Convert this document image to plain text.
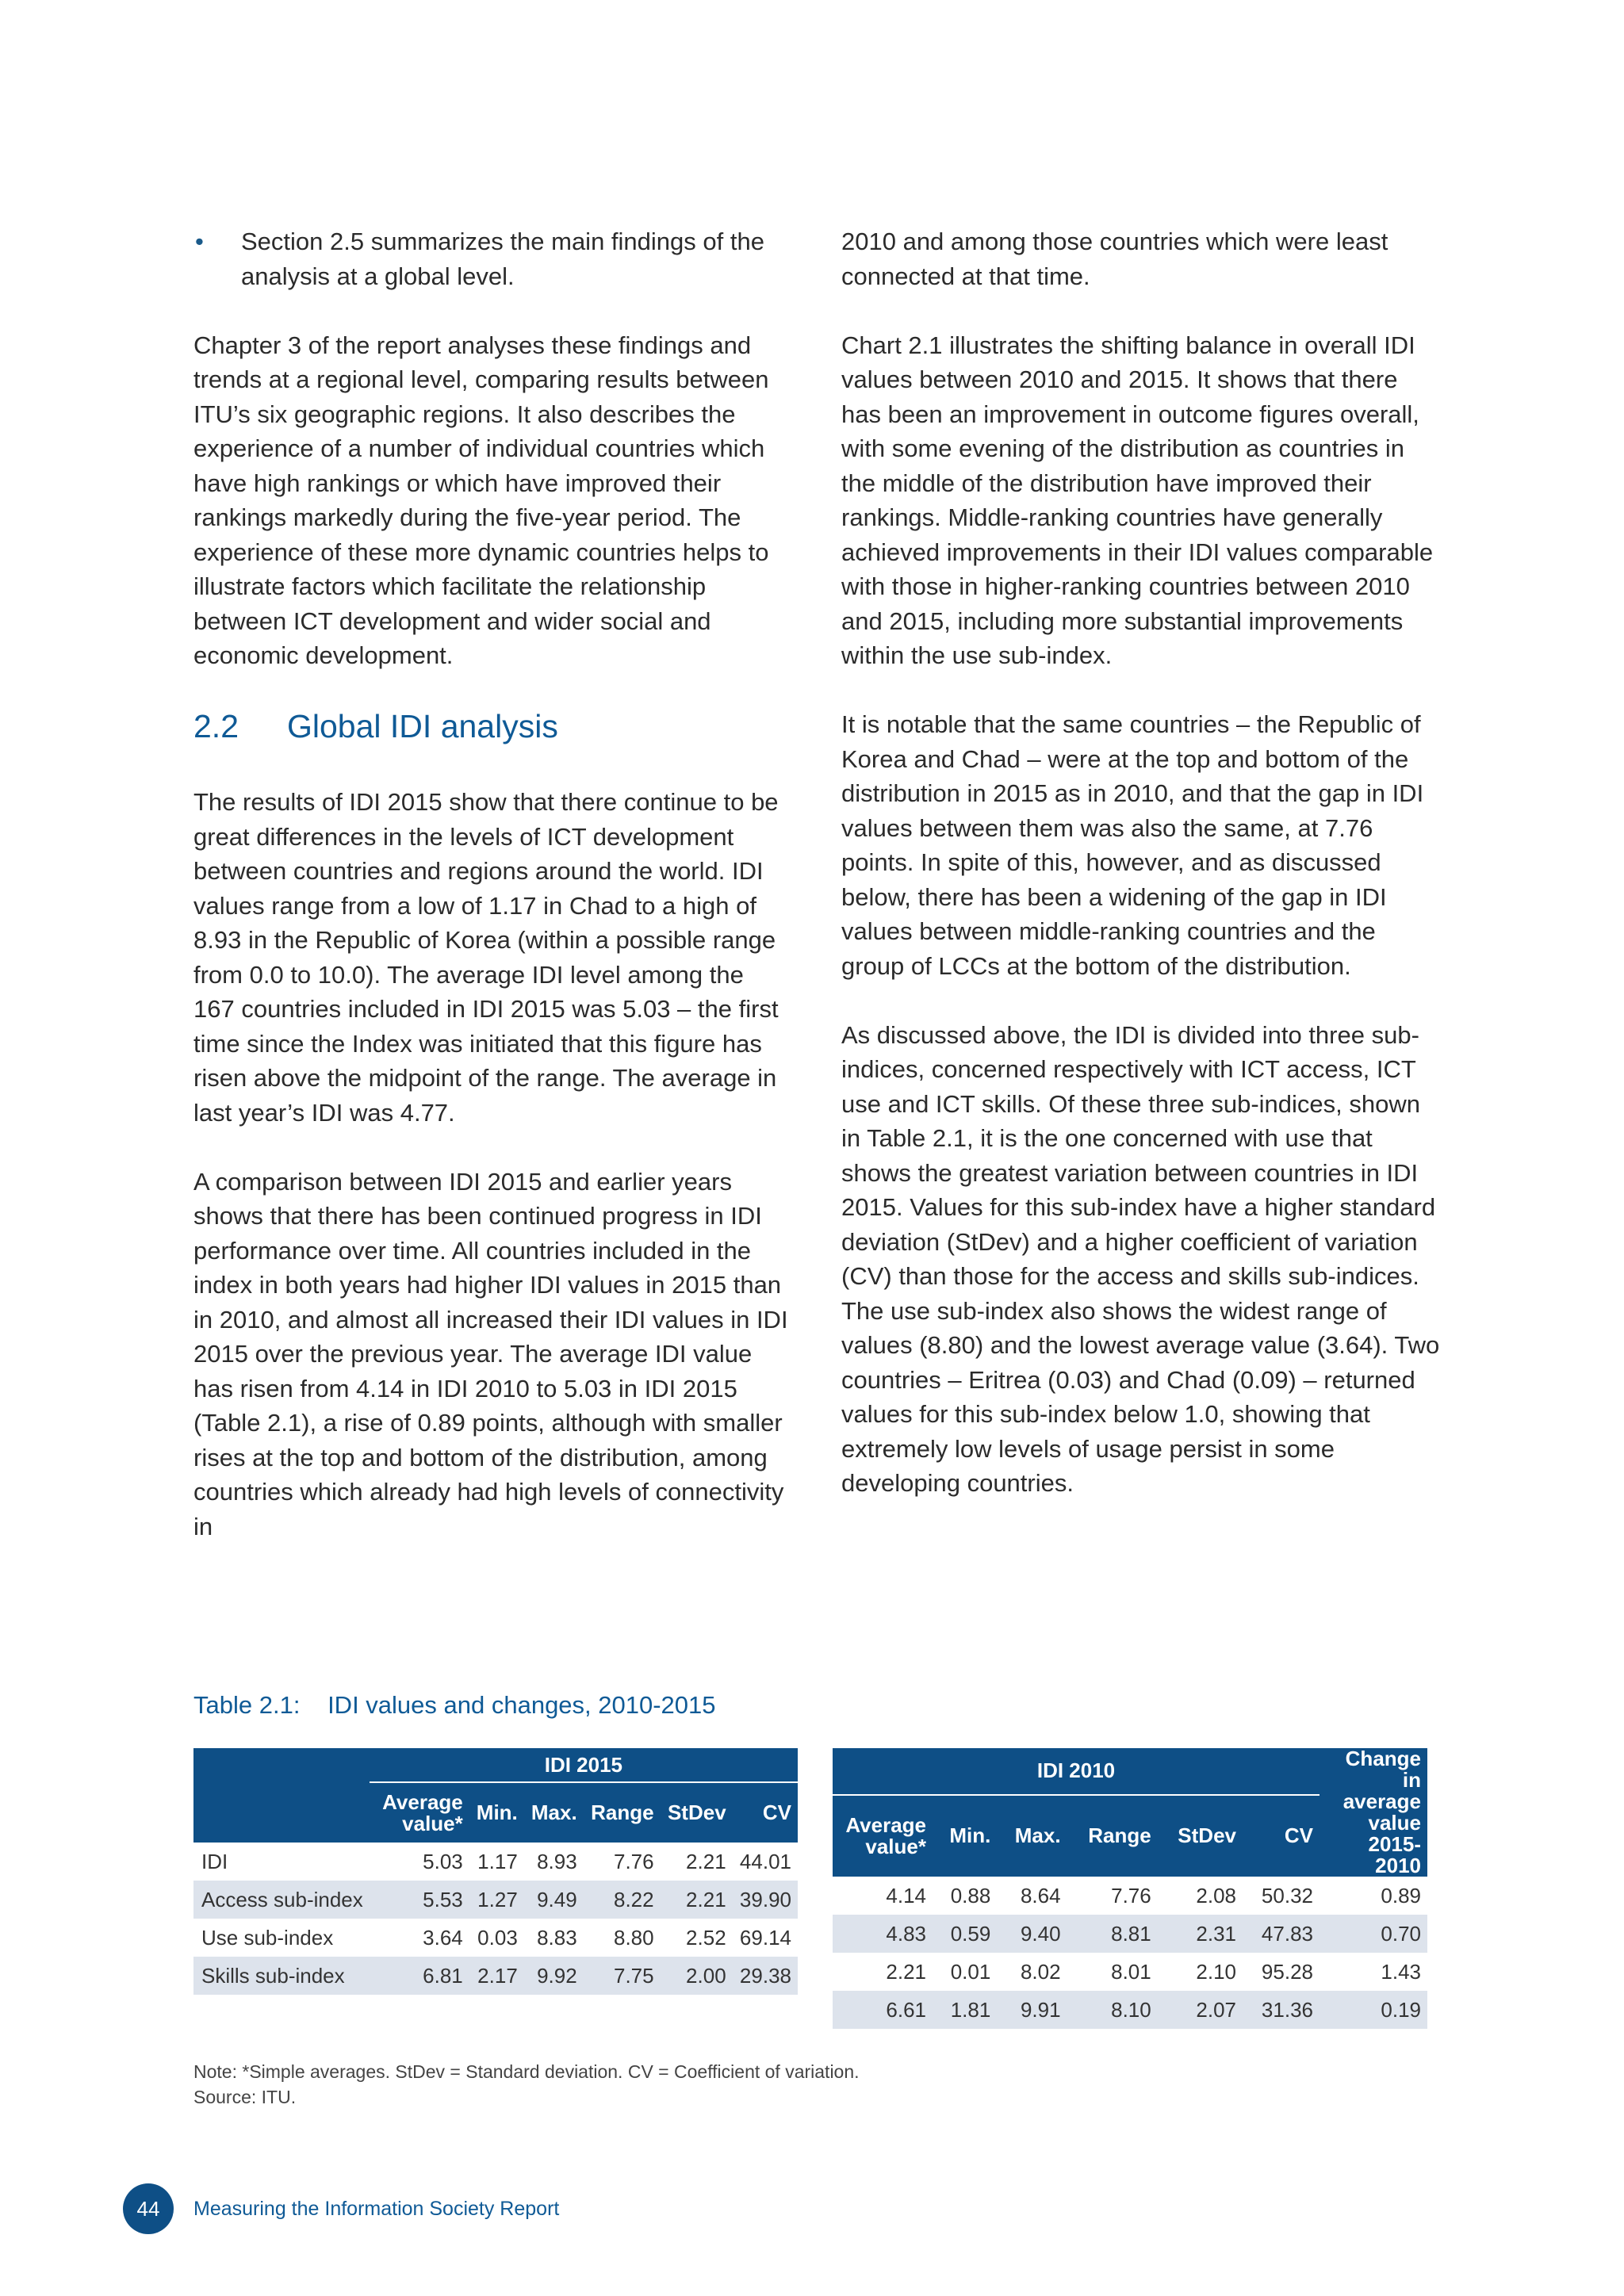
•	Section 2.5 summarizes the main findings of the analysis at a global level.

Chapter 3 of the report analyses these findings and trends at a regional level, comparing results between ITU’s six geographic regions. It also describes the experience of a number of individual countries which have high rankings or which have improved their rankings markedly during the five-year period. The experience of these more dynamic countries helps to illustrate factors which facilitate the relationship between ICT development and wider social and economic development.

2.2	Global IDI analysis

The results of IDI 2015 show that there continue to be great differences in the levels of ICT development between countries and regions around the world. IDI values range from a low of 1.17 in Chad to a high of 8.93 in the Republic of Korea (within a possible range from 0.0 to 10.0). The average IDI level among the 167 countries included in IDI 2015 was 5.03 – the first time since the Index was initiated that this figure has risen above the midpoint of the range. The average in last year’s IDI was 4.77.

A comparison between IDI 2015 and earlier years shows that there has been continued progress in IDI performance over time. All countries included in the index in both years had higher IDI values in 2015 than in 2010, and almost all increased their IDI values in IDI 2015 over the previous year. The average IDI value has risen from 4.14 in IDI 2010 to 5.03 in IDI 2015 (Table 2.1), a rise of 0.89 points, although with smaller rises at the top and bottom of the distribution, among countries which already had high levels of connectivity in

2010 and among those countries which were least connected at that time.

Chart 2.1 illustrates the shifting balance in overall IDI values between 2010 and 2015. It shows that there has been an improvement in outcome figures overall, with some evening of the distribution as countries in the middle of the distribution have improved their rankings. Middle-ranking countries have generally achieved improvements in their IDI values comparable with those in higher-ranking countries between 2010 and 2015, including more substantial improvements within the use sub-index.

It is notable that the same countries – the Republic of Korea and Chad – were at the top and bottom of the distribution in 2015 as in 2010, and that the gap in IDI values between them was also the same, at 7.76 points. In spite of this, however, and as discussed below, there has been a widening of the gap in IDI values between middle-ranking countries and the group of LCCs at the bottom of the distribution.

As discussed above, the IDI is divided into three sub-indices, concerned respectively with ICT access, ICT use and ICT skills. Of these three sub-indices, shown in Table 2.1, it is the one concerned with use that shows the greatest variation between countries in IDI 2015. Values for this sub-index have a higher standard deviation (StDev) and a higher coefficient of variation (CV) than those for the access and skills sub-indices. The use sub-index also shows the widest range of values (8.80) and the lowest average value (3.64). Two countries – Eritrea (0.03) and Chad (0.09) – returned values for this sub-index below 1.0, showing that extremely low levels of usage persist in some developing countries.

Table 2.1: IDI values and changes, 2010-2015
	IDI 2015					
	Average value*	Min.	Max.	Range	StDev	CV
IDI	5.03	1.17	8.93	7.76	2.21	44.01
Access sub-index	5.53	1.27	9.49	8.22	2.21	39.90
Use sub-index	3.64	0.03	8.83	8.80	2.52	69.14
Skills sub-index	6.81	2.17	9.92	7.75	2.00	29.38
IDI 2010						Change in average value 2015-2010
Average value*	Min.	Max.	Range	StDev	CV	
4.14	0.88	8.64	7.76	2.08	50.32	0.89
4.83	0.59	9.40	8.81	2.31	47.83	0.70
2.21	0.01	8.02	8.01	2.10	95.28	1.43
6.61	1.81	9.91	8.10	2.07	31.36	0.19
Note: *Simple averages. StDev = Standard deviation. CV = Coefficient of variation.
Source: ITU.
44	Measuring the Information Society Report
